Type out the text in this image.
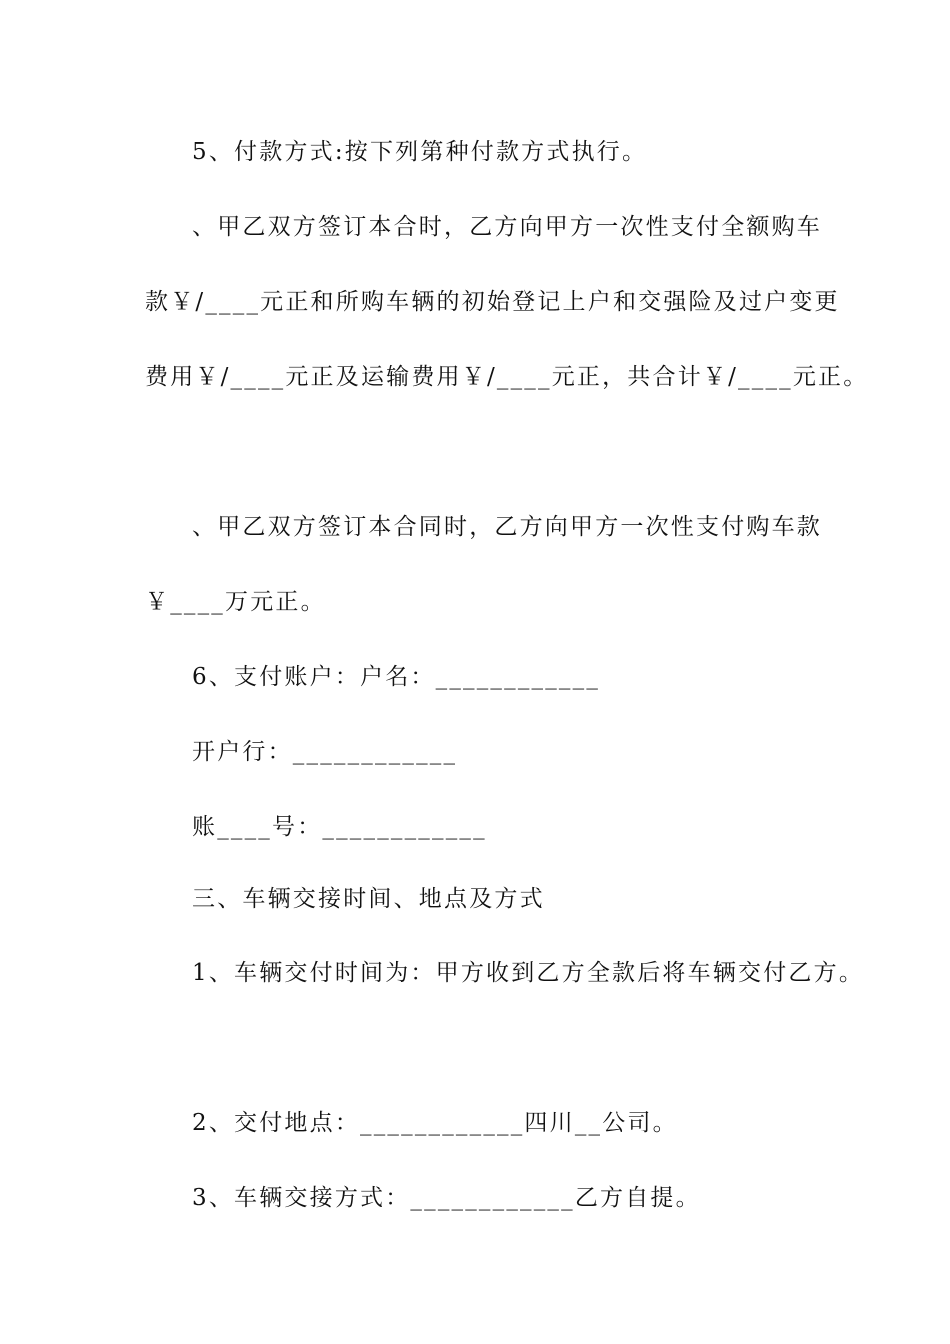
5、付款方式:按下列第种付款方式执行。

、甲乙双方签订本合时，乙方向甲方一次性支付全额购车

款￥/____元正和所购车辆的初始登记上户和交强险及过户变更

费用￥/____元正及运输费用￥/____元正，共合计￥/____元正。

、甲乙双方签订本合同时，乙方向甲方一次性支付购车款

￥____万元正。

6、支付账户：户名：____________

开户行：____________

账____号：____________

三、车辆交接时间、地点及方式

1、车辆交付时间为：甲方收到乙方全款后将车辆交付乙方。

2、交付地点：____________四川__公司。

3、车辆交接方式：____________乙方自提。
